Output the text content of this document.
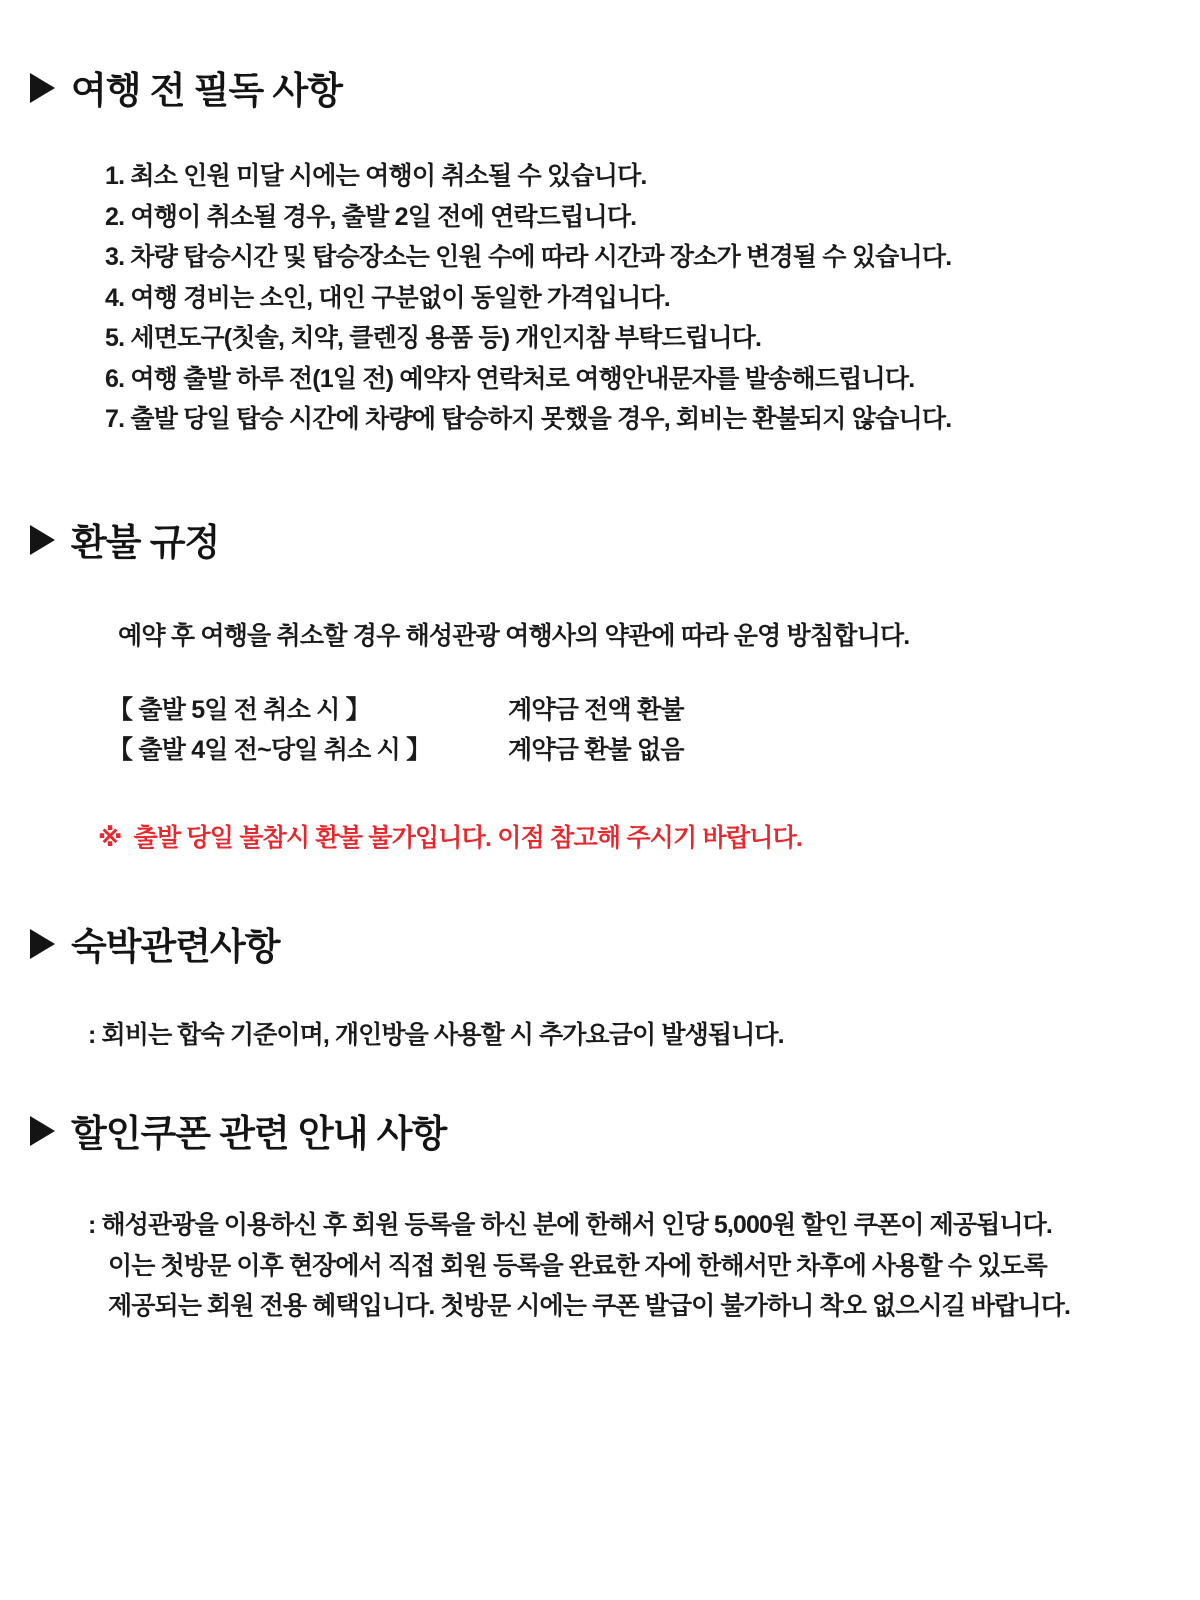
여행 전 필독 사항
1. 최소 인원 미달 시에는 여행이 취소될 수 있습니다.
2. 여행이 취소될 경우, 출발 2일 전에 연락드립니다.
3. 차량 탑승시간 및 탑승장소는 인원 수에 따라 시간과 장소가 변경될 수 있습니다.
4. 여행 경비는 소인, 대인 구분없이 동일한 가격입니다.
5. 세면도구(칫솔, 치약, 클렌징 용품 등) 개인지참 부탁드립니다.
6. 여행 출발 하루 전(1일 전) 예약자 연락처로 여행안내문자를 발송해드립니다.
7. 출발 당일 탑승 시간에 차량에 탑승하지 못했을 경우, 회비는 환불되지 않습니다.
환불 규정

예약 후 여행을 취소할 경우 해성관광 여행사의 약관에 따라 운영 방침합니다.

【 출발 5일 전 취소 시 】	계약금 전액 환불
【 출발 4일 전~당일 취소 시 】	계약금 환불 없음

※ 출발 당일 불참시 환불 불가입니다. 이점 참고해 주시기 바랍니다.

숙박관련사항

: 회비는 합숙 기준이며, 개인방을 사용할 시 추가요금이 발생됩니다.

할인쿠폰 관련 안내 사항

: 해성관광을 이용하신 후 회원 등록을 하신 분에 한해서 인당 5,000원 할인 쿠폰이 제공됩니다.
이는 첫방문 이후 현장에서 직접 회원 등록을 완료한 자에 한해서만 차후에 사용할 수 있도록
제공되는 회원 전용 혜택입니다. 첫방문 시에는 쿠폰 발급이 불가하니 착오 없으시길 바랍니다.
